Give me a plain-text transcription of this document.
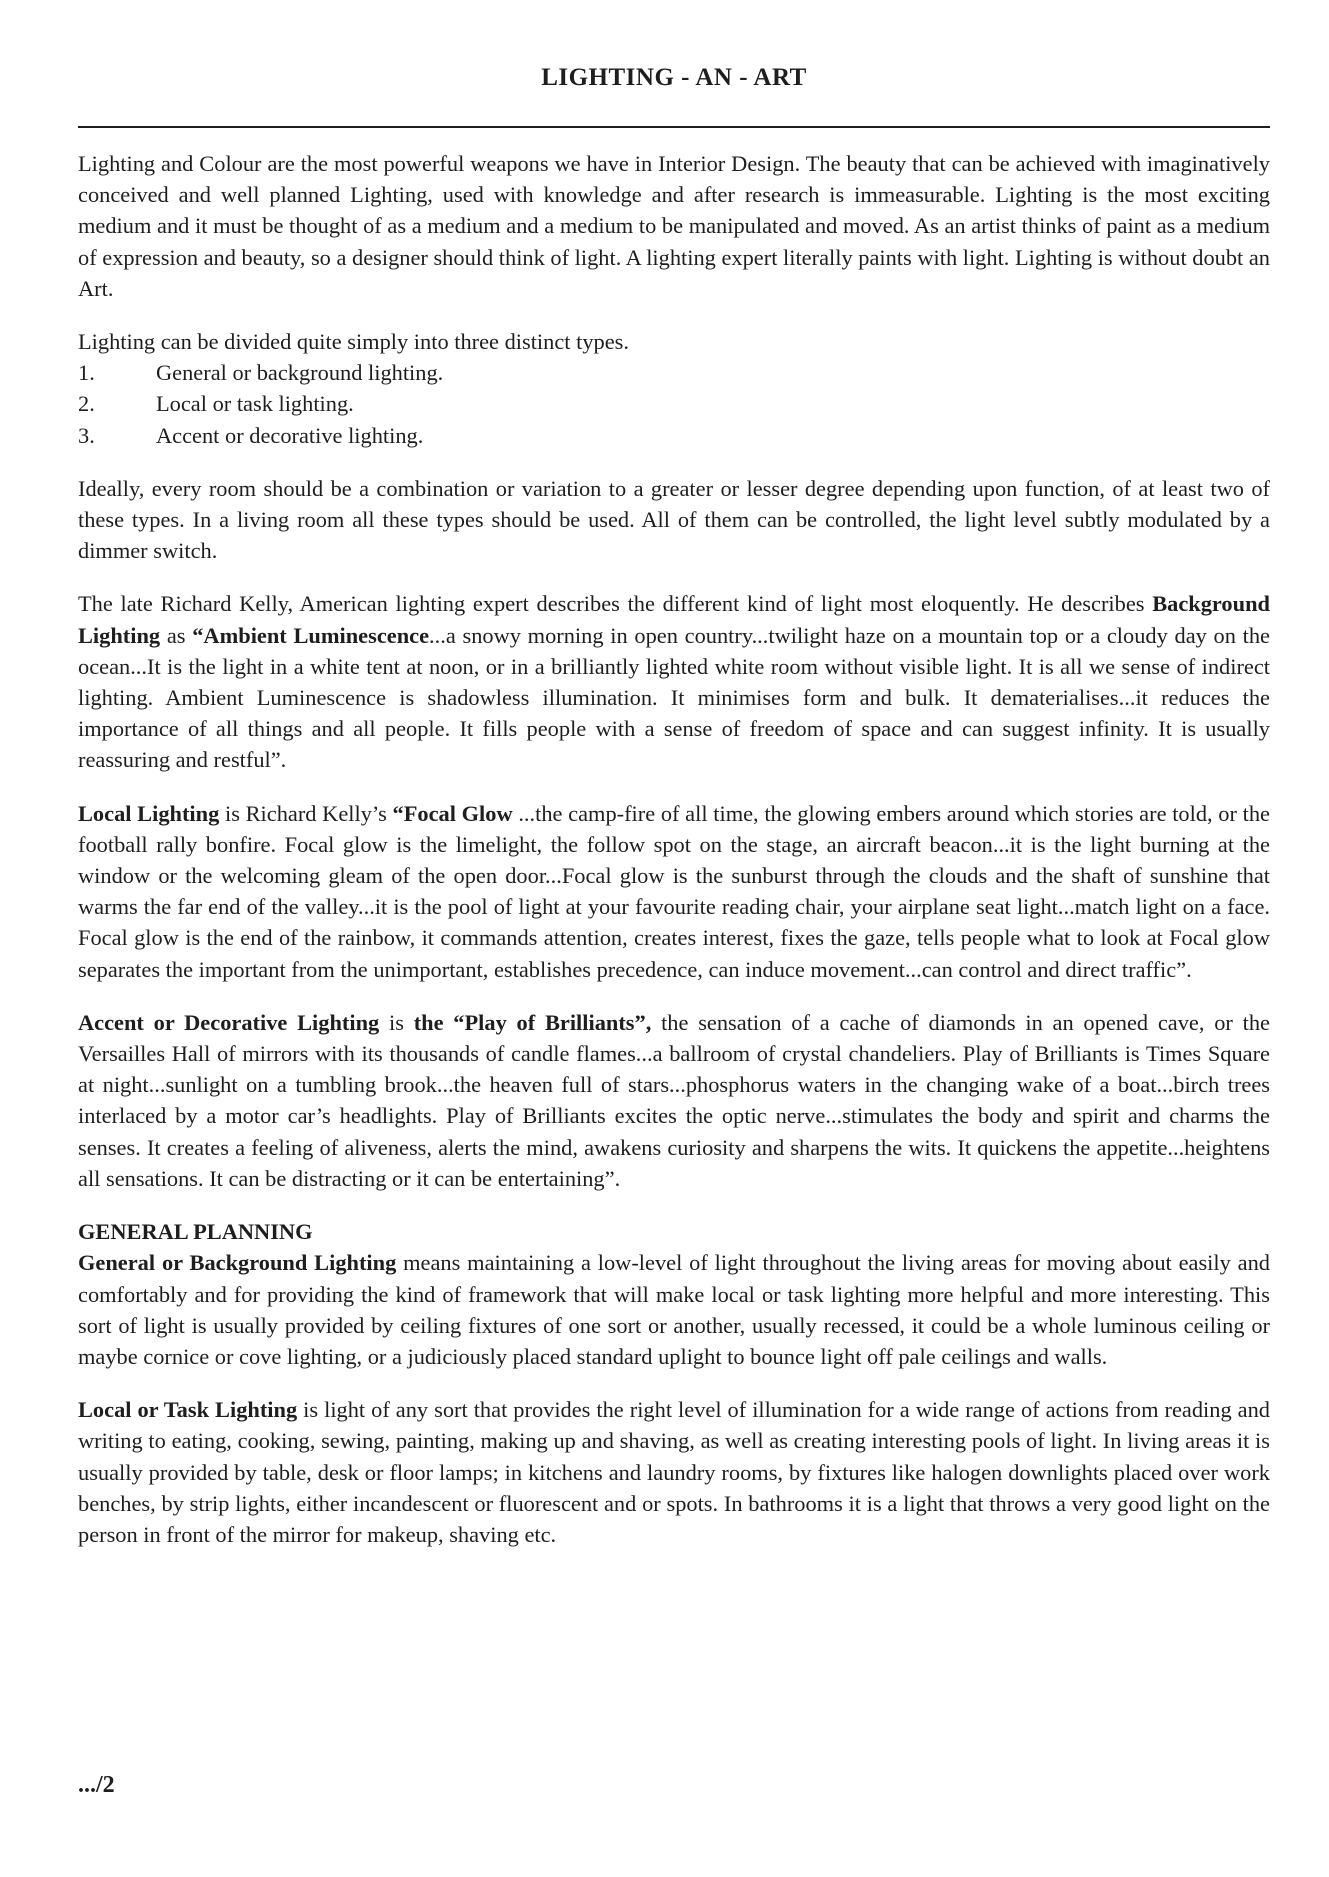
LIGHTING - AN - ART

Lighting and Colour are the most powerful weapons we have in Interior Design. The beauty that can be achieved with imaginatively conceived and well planned Lighting, used with knowledge and after research is immeasurable. Lighting is the most exciting medium and it must be thought of as a medium and a medium to be manipulated and moved. As an artist thinks of paint as a medium of expression and beauty, so a designer should think of light. A lighting expert literally paints with light. Lighting is without doubt an Art.

Lighting can be divided quite simply into three distinct types.

1.	General or background lighting.
2.	Local or task lighting.
3.	Accent or decorative lighting.

Ideally, every room should be a combination or variation to a greater or lesser degree depending upon function, of at least two of these types. In a living room all these types should be used. All of them can be controlled, the light level subtly modulated by a dimmer switch.

The late Richard Kelly, American lighting expert describes the different kind of light most eloquently. He describes Background Lighting as “Ambient Luminescence...a snowy morning in open country...twilight haze on a mountain top or a cloudy day on the ocean...It is the light in a white tent at noon, or in a brilliantly lighted white room without visible light. It is all we sense of indirect lighting. Ambient Luminescence is shadowless illumination. It minimises form and bulk. It dematerialises...it reduces the importance of all things and all people. It fills people with a sense of freedom of space and can suggest infinity. It is usually reassuring and restful”.

Local Lighting is Richard Kelly’s “Focal Glow ...the camp-fire of all time, the glowing embers around which stories are told, or the football rally bonfire. Focal glow is the limelight, the follow spot on the stage, an aircraft beacon...it is the light burning at the window or the welcoming gleam of the open door...Focal glow is the sunburst through the clouds and the shaft of sunshine that warms the far end of the valley...it is the pool of light at your favourite reading chair, your airplane seat light...match light on a face. Focal glow is the end of the rainbow, it commands attention, creates interest, fixes the gaze, tells people what to look at Focal glow separates the important from the unimportant, establishes precedence, can induce movement...can control and direct traffic”.

Accent or Decorative Lighting is the “Play of Brilliants”, the sensation of a cache of diamonds in an opened cave, or the Versailles Hall of mirrors with its thousands of candle flames...a ballroom of crystal chandeliers. Play of Brilliants is Times Square at night...sunlight on a tumbling brook...the heaven full of stars...phosphorus waters in the changing wake of a boat...birch trees interlaced by a motor car’s headlights. Play of Brilliants excites the optic nerve...stimulates the body and spirit and charms the senses. It creates a feeling of aliveness, alerts the mind, awakens curiosity and sharpens the wits. It quickens the appetite...heightens all sensations. It can be distracting or it can be entertaining”.

GENERAL PLANNING

General or Background Lighting means maintaining a low-level of light throughout the living areas for moving about easily and comfortably and for providing the kind of framework that will make local or task lighting more helpful and more interesting. This sort of light is usually provided by ceiling fixtures of one sort or another, usually recessed, it could be a whole luminous ceiling or maybe cornice or cove lighting, or a judiciously placed standard uplight to bounce light off pale ceilings and walls.

Local or Task Lighting is light of any sort that provides the right level of illumination for a wide range of actions from reading and writing to eating, cooking, sewing, painting, making up and shaving, as well as creating interesting pools of light. In living areas it is usually provided by table, desk or floor lamps; in kitchens and laundry rooms, by fixtures like halogen downlights placed over work benches, by strip lights, either incandescent or fluorescent and or spots. In bathrooms it is a light that throws a very good light on the person in front of the mirror for makeup, shaving etc.

.../2
